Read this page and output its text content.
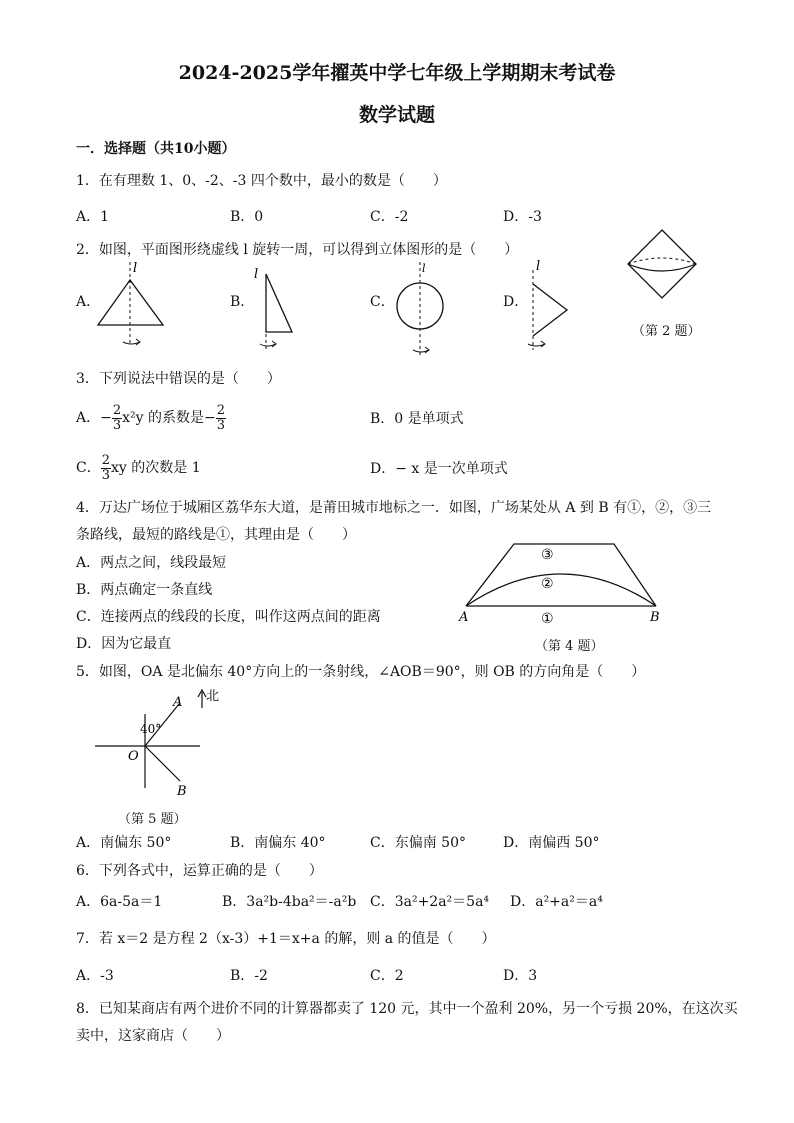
2024-2025学年擢英中学七年级上学期期末考试卷
数学试题
一．选择题（共10小题）
1．在有理数 1、0、-2、-3 四个数中，最小的数是（　　）
A．1	B．0	C．-2	D．-3
2．如图，平面图形绕虚线 l 旋转一周，可以得到立体图形的是（　　）
A．	B．	C．	D．
l	l	l	l
（第 2 题）
3．下列说法中错误的是（　　）
A．− $\frac{2}{3} x^2y$ 的系数是− $\frac{2}{3}$	B．0 是单项式
C． $\frac{2}{3}$ xy 的次数是 1	D．− x 是一次单项式
4．万达广场位于城厢区荔华东大道，是莆田城市地标之一．如图，广场某处从 A 到 B 有①，②，③三
条路线，最短的路线是①，其理由是（　　）
A．两点之间，线段最短
B．两点确定一条直线
C．连接两点的线段的长度，叫作这两点间的距离
D．因为它最直
A	B
③
②
①
（第 4 题）
5．如图，OA 是北偏东 40°方向上的一条射线，∠AOB＝90°，则 OB 的方向角是（　　）
北
A
B
O
40°
（第 5 题）
A．南偏东 50°	B．南偏东 40°	C．东偏南 50°	D．南偏西 50°
6．下列各式中，运算正确的是（　　）
A．6a-5a＝1	B．3a²b-4ba²＝-a²b C．3a²+2a²＝5a⁴ D．a²+a²＝a⁴
7．若 x＝2 是方程 2（x-3）+1＝x+a 的解，则 a 的值是（　　）
A．-3	B．-2	C．2	D．3
8．已知某商店有两个进价不同的计算器都卖了 120 元，其中一个盈利 20%，另一个亏损 20%，在这次买
卖中，这家商店（　　）
